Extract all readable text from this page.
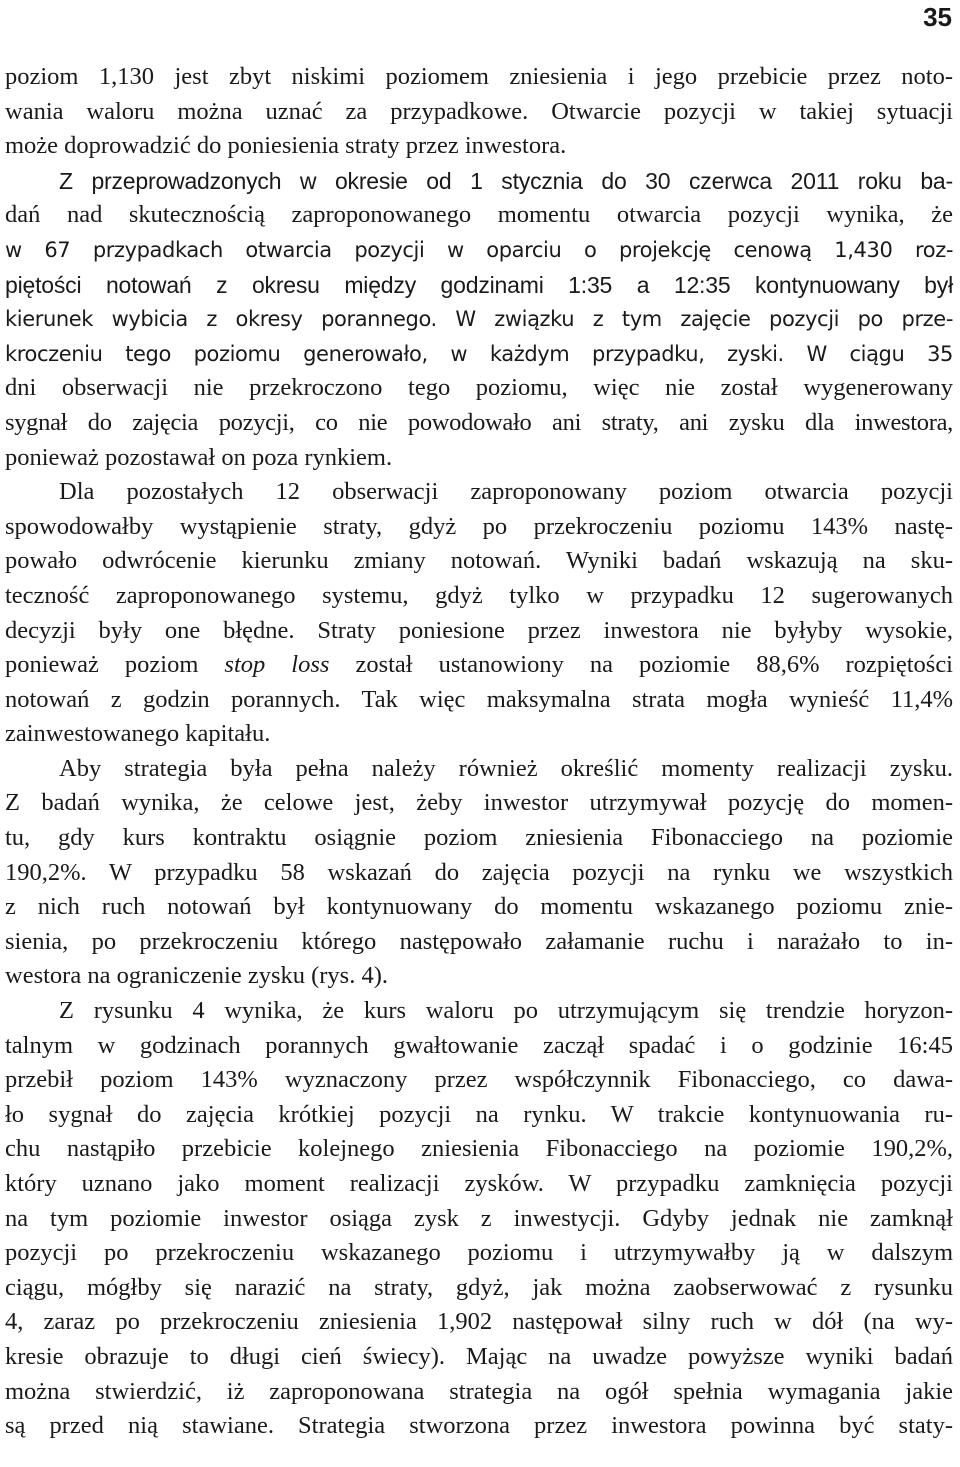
35
poziom 1,130 jest zbyt niskimi poziomem zniesienia i jego przebicie przez noto-
wania waloru można uznać za przypadkowe. Otwarcie pozycji w takiej sytuacji
może doprowadzić do poniesienia straty przez inwestora.
Z przeprowadzonych w okresie od 1 stycznia do 30 czerwca 2011 roku ba-
dań nad skutecznością zaproponowanego momentu otwarcia pozycji wynika, że
w 67 przypadkach otwarcia pozycji w oparciu o projekcję cenową 1,430 roz-
piętości notowań z okresu między godzinami 1:35 a 12:35 kontynuowany był
kierunek wybicia z okresy porannego. W związku z tym zajęcie pozycji po prze-
kroczeniu tego poziomu generowało, w każdym przypadku, zyski. W ciągu 35
dni obserwacji nie przekroczono tego poziomu, więc nie został wygenerowany
sygnał do zajęcia pozycji, co nie powodowało ani straty, ani zysku dla inwestora,
ponieważ pozostawał on poza rynkiem.
Dla pozostałych 12 obserwacji zaproponowany poziom otwarcia pozycji
spowodowałby wystąpienie straty, gdyż po przekroczeniu poziomu 143% nastę-
powało odwrócenie kierunku zmiany notowań. Wyniki badań wskazują na sku-
teczność zaproponowanego systemu, gdyż tylko w przypadku 12 sugerowanych
decyzji były one błędne. Straty poniesione przez inwestora nie byłyby wysokie,
ponieważ poziom stop loss został ustanowiony na poziomie 88,6% rozpiętości
notowań z godzin porannych. Tak więc maksymalna strata mogła wynieść 11,4%
zainwestowanego kapitału.
Aby strategia była pełna należy również określić momenty realizacji zysku.
Z badań wynika, że celowe jest, żeby inwestor utrzymywał pozycję do momen-
tu, gdy kurs kontraktu osiągnie poziom zniesienia Fibonacciego na poziomie
190,2%. W przypadku 58 wskazań do zajęcia pozycji na rynku we wszystkich
z nich ruch notowań był kontynuowany do momentu wskazanego poziomu znie-
sienia, po przekroczeniu którego następowało załamanie ruchu i narażało to in-
westora na ograniczenie zysku (rys. 4).
Z rysunku 4 wynika, że kurs waloru po utrzymującym się trendzie horyzon-
talnym w godzinach porannych gwałtowanie zaczął spadać i o godzinie 16:45
przebił poziom 143% wyznaczony przez współczynnik Fibonacciego, co dawa-
ło sygnał do zajęcia krótkiej pozycji na rynku. W trakcie kontynuowania ru-
chu nastąpiło przebicie kolejnego zniesienia Fibonacciego na poziomie 190,2%,
który uznano jako moment realizacji zysków. W przypadku zamknięcia pozycji
na tym poziomie inwestor osiąga zysk z inwestycji. Gdyby jednak nie zamknął
pozycji po przekroczeniu wskazanego poziomu i utrzymywałby ją w dalszym
ciągu, mógłby się narazić na straty, gdyż, jak można zaobserwować z rysunku
4, zaraz po przekroczeniu zniesienia 1,902 następował silny ruch w dół (na wy-
kresie obrazuje to długi cień świecy). Mając na uwadze powyższe wyniki badań
można stwierdzić, iż zaproponowana strategia na ogół spełnia wymagania jakie
są przed nią stawiane. Strategia stworzona przez inwestora powinna być staty-
